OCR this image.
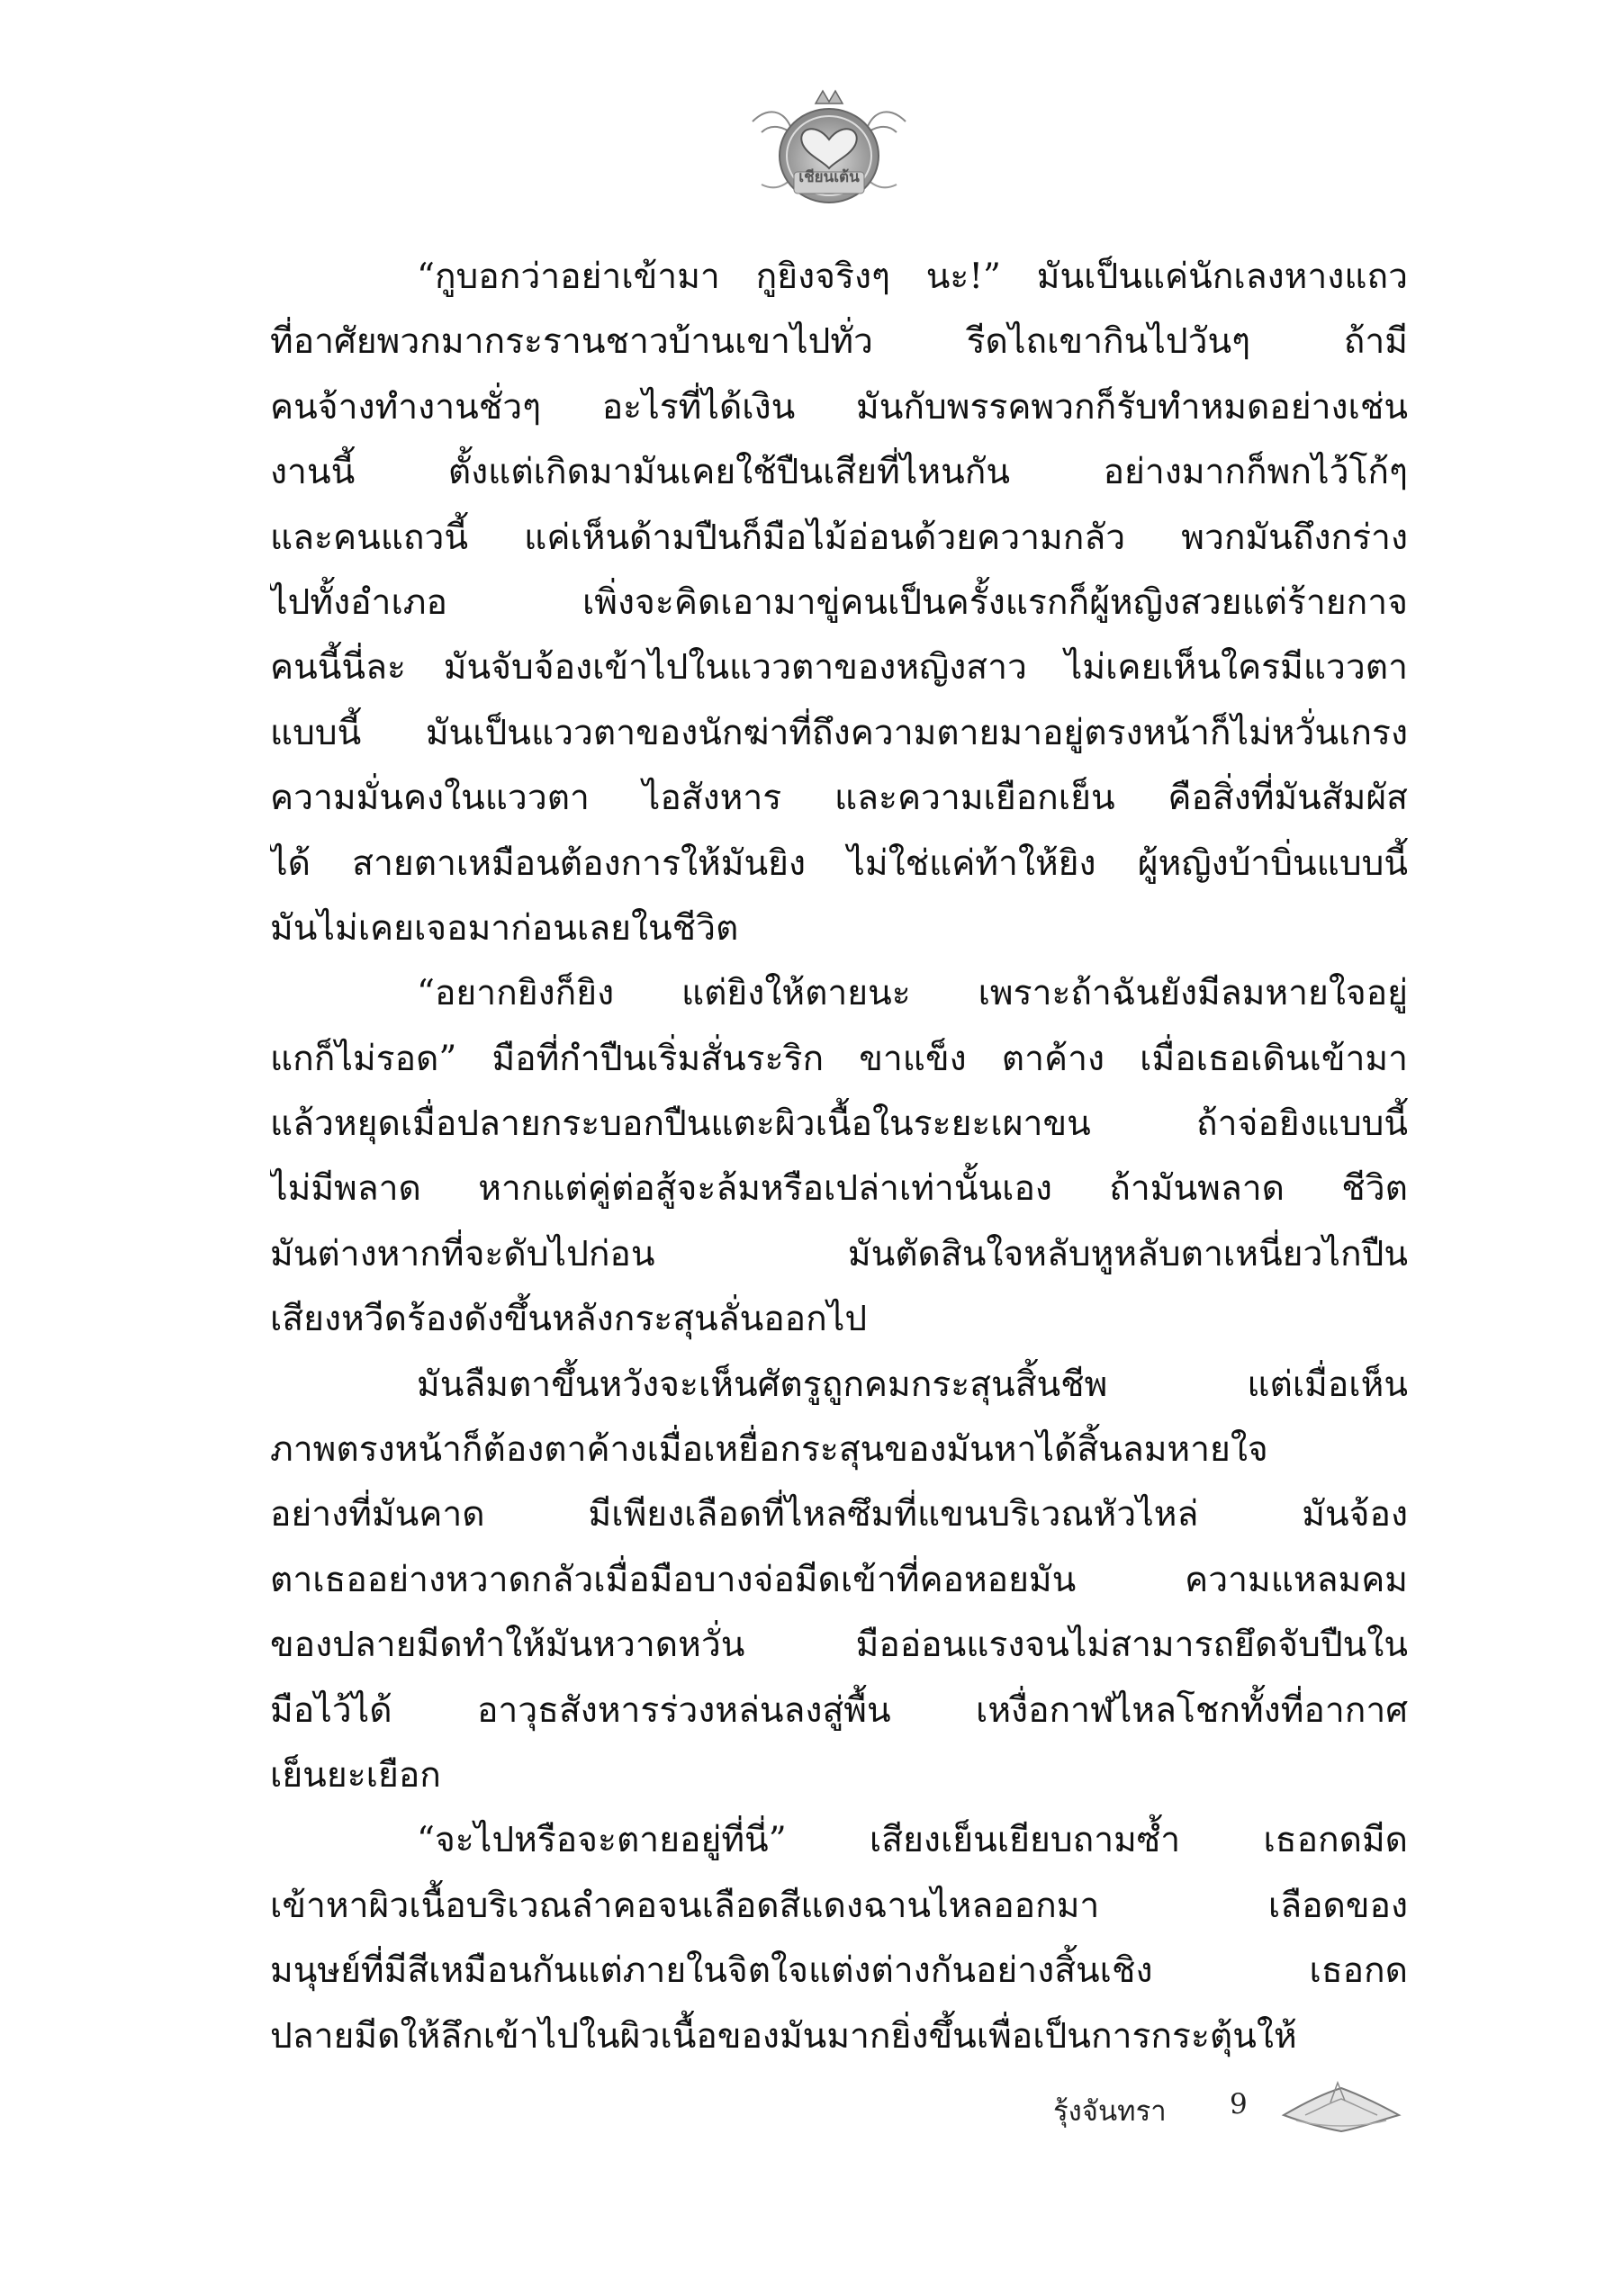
เชียนเต้น
“กูบอกว่าอย่าเข้ามา กูยิงจริงๆ นะ!” มันเป็นแค่นักเลงหางแถว
ที่อาศัยพวกมากระรานชาวบ้านเขาไปทั่ว รีดไถเขากินไปวันๆ ถ้ามี
คนจ้างทำงานชั่วๆ อะไรที่ได้เงิน มันกับพรรคพวกก็รับทำหมดอย่างเช่น
งานนี้ ตั้งแต่เกิดมามันเคยใช้ปืนเสียที่ไหนกัน อย่างมากก็พกไว้โก้ๆ
และคนแถวนี้ แค่เห็นด้ามปืนก็มือไม้อ่อนด้วยความกลัว พวกมันถึงกร่าง
ไปทั้งอำเภอ เพิ่งจะคิดเอามาขู่คนเป็นครั้งแรกก็ผู้หญิงสวยแต่ร้ายกาจ
คนนี้นี่ละ มันจับจ้องเข้าไปในแววตาของหญิงสาว ไม่เคยเห็นใครมีแววตา
แบบนี้ มันเป็นแววตาของนักฆ่าที่ถึงความตายมาอยู่ตรงหน้าก็ไม่หวั่นเกรง
ความมั่นคงในแววตา ไอสังหาร และความเยือกเย็น คือสิ่งที่มันสัมผัส
ได้ สายตาเหมือนต้องการให้มันยิง ไม่ใช่แค่ท้าให้ยิง ผู้หญิงบ้าบิ่นแบบนี้
มันไม่เคยเจอมาก่อนเลยในชีวิต
“อยากยิงก็ยิง แต่ยิงให้ตายนะ เพราะถ้าฉันยังมีลมหายใจอยู่
แกก็ไม่รอด” มือที่กำปืนเริ่มสั่นระริก ขาแข็ง ตาค้าง เมื่อเธอเดินเข้ามา
แล้วหยุดเมื่อปลายกระบอกปืนแตะผิวเนื้อในระยะเผาขน ถ้าจ่อยิงแบบนี้
ไม่มีพลาด หากแต่คู่ต่อสู้จะล้มหรือเปล่าเท่านั้นเอง ถ้ามันพลาด ชีวิต
มันต่างหากที่จะดับไปก่อน มันตัดสินใจหลับหูหลับตาเหนี่ยวไกปืน
เสียงหวีดร้องดังขึ้นหลังกระสุนลั่นออกไป
มันลืมตาขึ้นหวังจะเห็นศัตรูถูกคมกระสุนสิ้นชีพ แต่เมื่อเห็น
ภาพตรงหน้าก็ต้องตาค้างเมื่อเหยื่อกระสุนของมันหาได้สิ้นลมหายใจ
อย่างที่มันคาด มีเพียงเลือดที่ไหลซึมที่แขนบริเวณหัวไหล่ มันจ้อง
ตาเธออย่างหวาดกลัวเมื่อมือบางจ่อมีดเข้าที่คอหอยมัน ความแหลมคม
ของปลายมีดทำให้มันหวาดหวั่น มืออ่อนแรงจนไม่สามารถยึดจับปืนใน
มือไว้ได้ อาวุธสังหารร่วงหล่นลงสู่พื้น เหงื่อกาฬไหลโชกทั้งที่อากาศ
เย็นยะเยือก
“จะไปหรือจะตายอยู่ที่นี่” เสียงเย็นเยียบถามซ้ำ เธอกดมีด
เข้าหาผิวเนื้อบริเวณลำคอจนเลือดสีแดงฉานไหลออกมา เลือดของ
มนุษย์ที่มีสีเหมือนกันแต่ภายในจิตใจแต่งต่างกันอย่างสิ้นเชิง เธอกด
ปลายมีดให้ลึกเข้าไปในผิวเนื้อของมันมากยิ่งขึ้นเพื่อเป็นการกระตุ้นให้
รุ้งจันทรา 9
